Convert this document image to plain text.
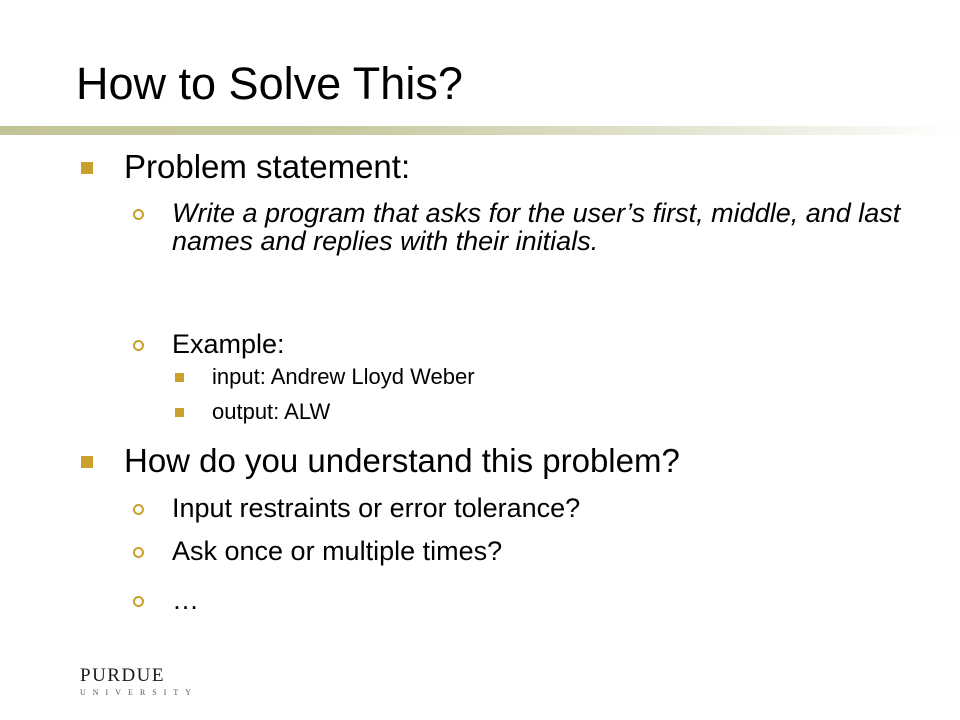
How to Solve This?
Problem statement:
Write a program that asks for the user’s first, middle, and last names and replies with their initials.
Example:
input: Andrew Lloyd Weber
output: ALW
How do you understand this problem?
Input restraints or error tolerance?
Ask once or multiple times?
…
PURDUE
UNIVERSITY
